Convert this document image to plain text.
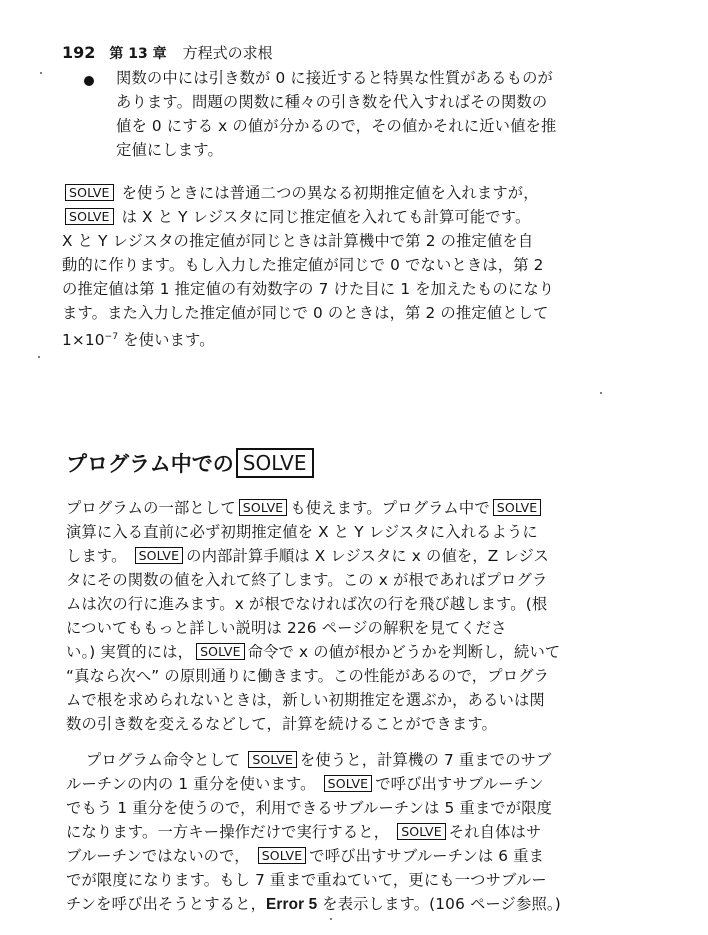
192 第 13 章 方程式の求根
関数の中には引き数が 0 に接近すると特異な性質があるものが
あります。問題の関数に種々の引き数を代入すればその関数の
値を 0 にする x の値が分かるので，その値かそれに近い値を推
定値にします。
SOLVE を使うときには普通二つの異なる初期推定値を入れますが，
SOLVE は X と Y レジスタに同じ推定値を入れても計算可能です。
X と Y レジスタの推定値が同じときは計算機中で第 2 の推定値を自
動的に作ります。もし入力した推定値が同じで 0 でないときは，第 2
の推定値は第 1 推定値の有効数字の 7 けた目に 1 を加えたものになり
ます。また入力した推定値が同じで 0 のときは，第 2 の推定値として
$1\times 10^{-7}$ を使います。
プログラム中での SOLVE
プログラムの一部として SOLVE も使えます。プログラム中で SOLVE
演算に入る直前に必ず初期推定値を X と Y レジスタに入れるように
します。 SOLVE の内部計算手順は X レジスタに x の値を，Z レジス
タにその関数の値を入れて終了します。この x が根であればプログラ
ムは次の行に進みます。x が根でなければ次の行を飛び越します。(根
についてももっと詳しい説明は 226 ページの解釈を見てくださ
い。) 実質的には， SOLVE 命令で x の値が根かどうかを判断し，続いて
“真なら次へ” の原則通りに働きます。この性能があるので，プログラ
ムで根を求められないときは，新しい初期推定を選ぶか，あるいは関
数の引き数を変えるなどして，計算を続けることができます。
プログラム命令として SOLVE を使うと，計算機の 7 重までのサブ
ルーチンの内の 1 重分を使います。 SOLVE で呼び出すサブルーチン
でもう 1 重分を使うので，利用できるサブルーチンは 5 重までが限度
になります。一方キー操作だけで実行すると， SOLVE それ自体はサ
ブルーチンではないので， SOLVE で呼び出すサブルーチンは 6 重ま
でが限度になります。もし 7 重まで重ねていて，更にも一つサブルー
チンを呼び出そうとすると，Error 5 を表示します。(106 ページ参照。)
